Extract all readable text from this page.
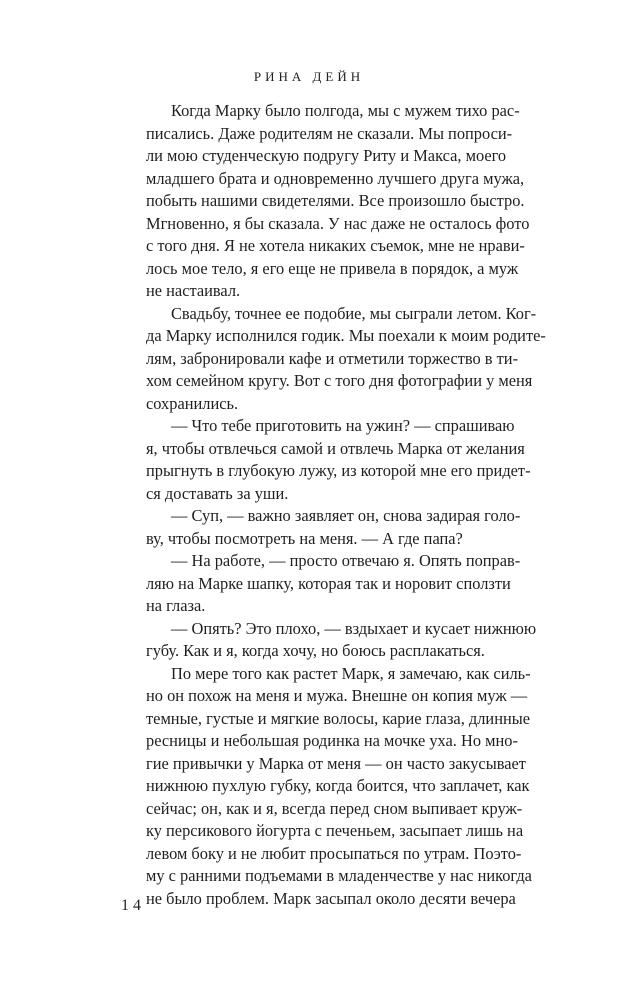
РИНА ДЕЙН

Когда Марку было полгода, мы с мужем тихо рас-
писались. Даже родителям не сказали. Мы попроси-
ли мою студенческую подругу Риту и Макса, моего
младшего брата и одновременно лучшего друга мужа,
побыть нашими свидетелями. Все произошло быстро.
Мгновенно, я бы сказала. У нас даже не осталось фото
с того дня. Я не хотела никаких съемок, мне не нрави-
лось мое тело, я его еще не привела в порядок, а муж
не настаивал.

Свадьбу, точнее ее подобие, мы сыграли летом. Ког-
да Марку исполнился годик. Мы поехали к моим родите-
лям, забронировали кафе и отметили торжество в ти-
хом семейном кругу. Вот с того дня фотографии у меня
сохранились.

— Что тебе приготовить на ужин? — спрашиваю
я, чтобы отвлечься самой и отвлечь Марка от желания
прыгнуть в глубокую лужу, из которой мне его придет-
ся доставать за уши.

— Суп, — важно заявляет он, снова задирая голо-
ву, чтобы посмотреть на меня. — А где папа?

— На работе, — просто отвечаю я. Опять поправ-
ляю на Марке шапку, которая так и норовит сползти
на глаза.

— Опять? Это плохо, — вздыхает и кусает нижнюю
губу. Как и я, когда хочу, но боюсь расплакаться.

По мере того как растет Марк, я замечаю, как силь-
но он похож на меня и мужа. Внешне он копия муж —
темные, густые и мягкие волосы, карие глаза, длинные
ресницы и небольшая родинка на мочке уха. Но мно-
гие привычки у Марка от меня — он часто закусывает
нижнюю пухлую губку, когда боится, что заплачет, как
сейчас; он, как и я, всегда перед сном выпивает круж-
ку персикового йогурта с печеньем, засыпает лишь на
левом боку и не любит просыпаться по утрам. Поэто-
му с ранними подъемами в младенчестве у нас никогда
не было проблем. Марк засыпал около десяти вечера

14
